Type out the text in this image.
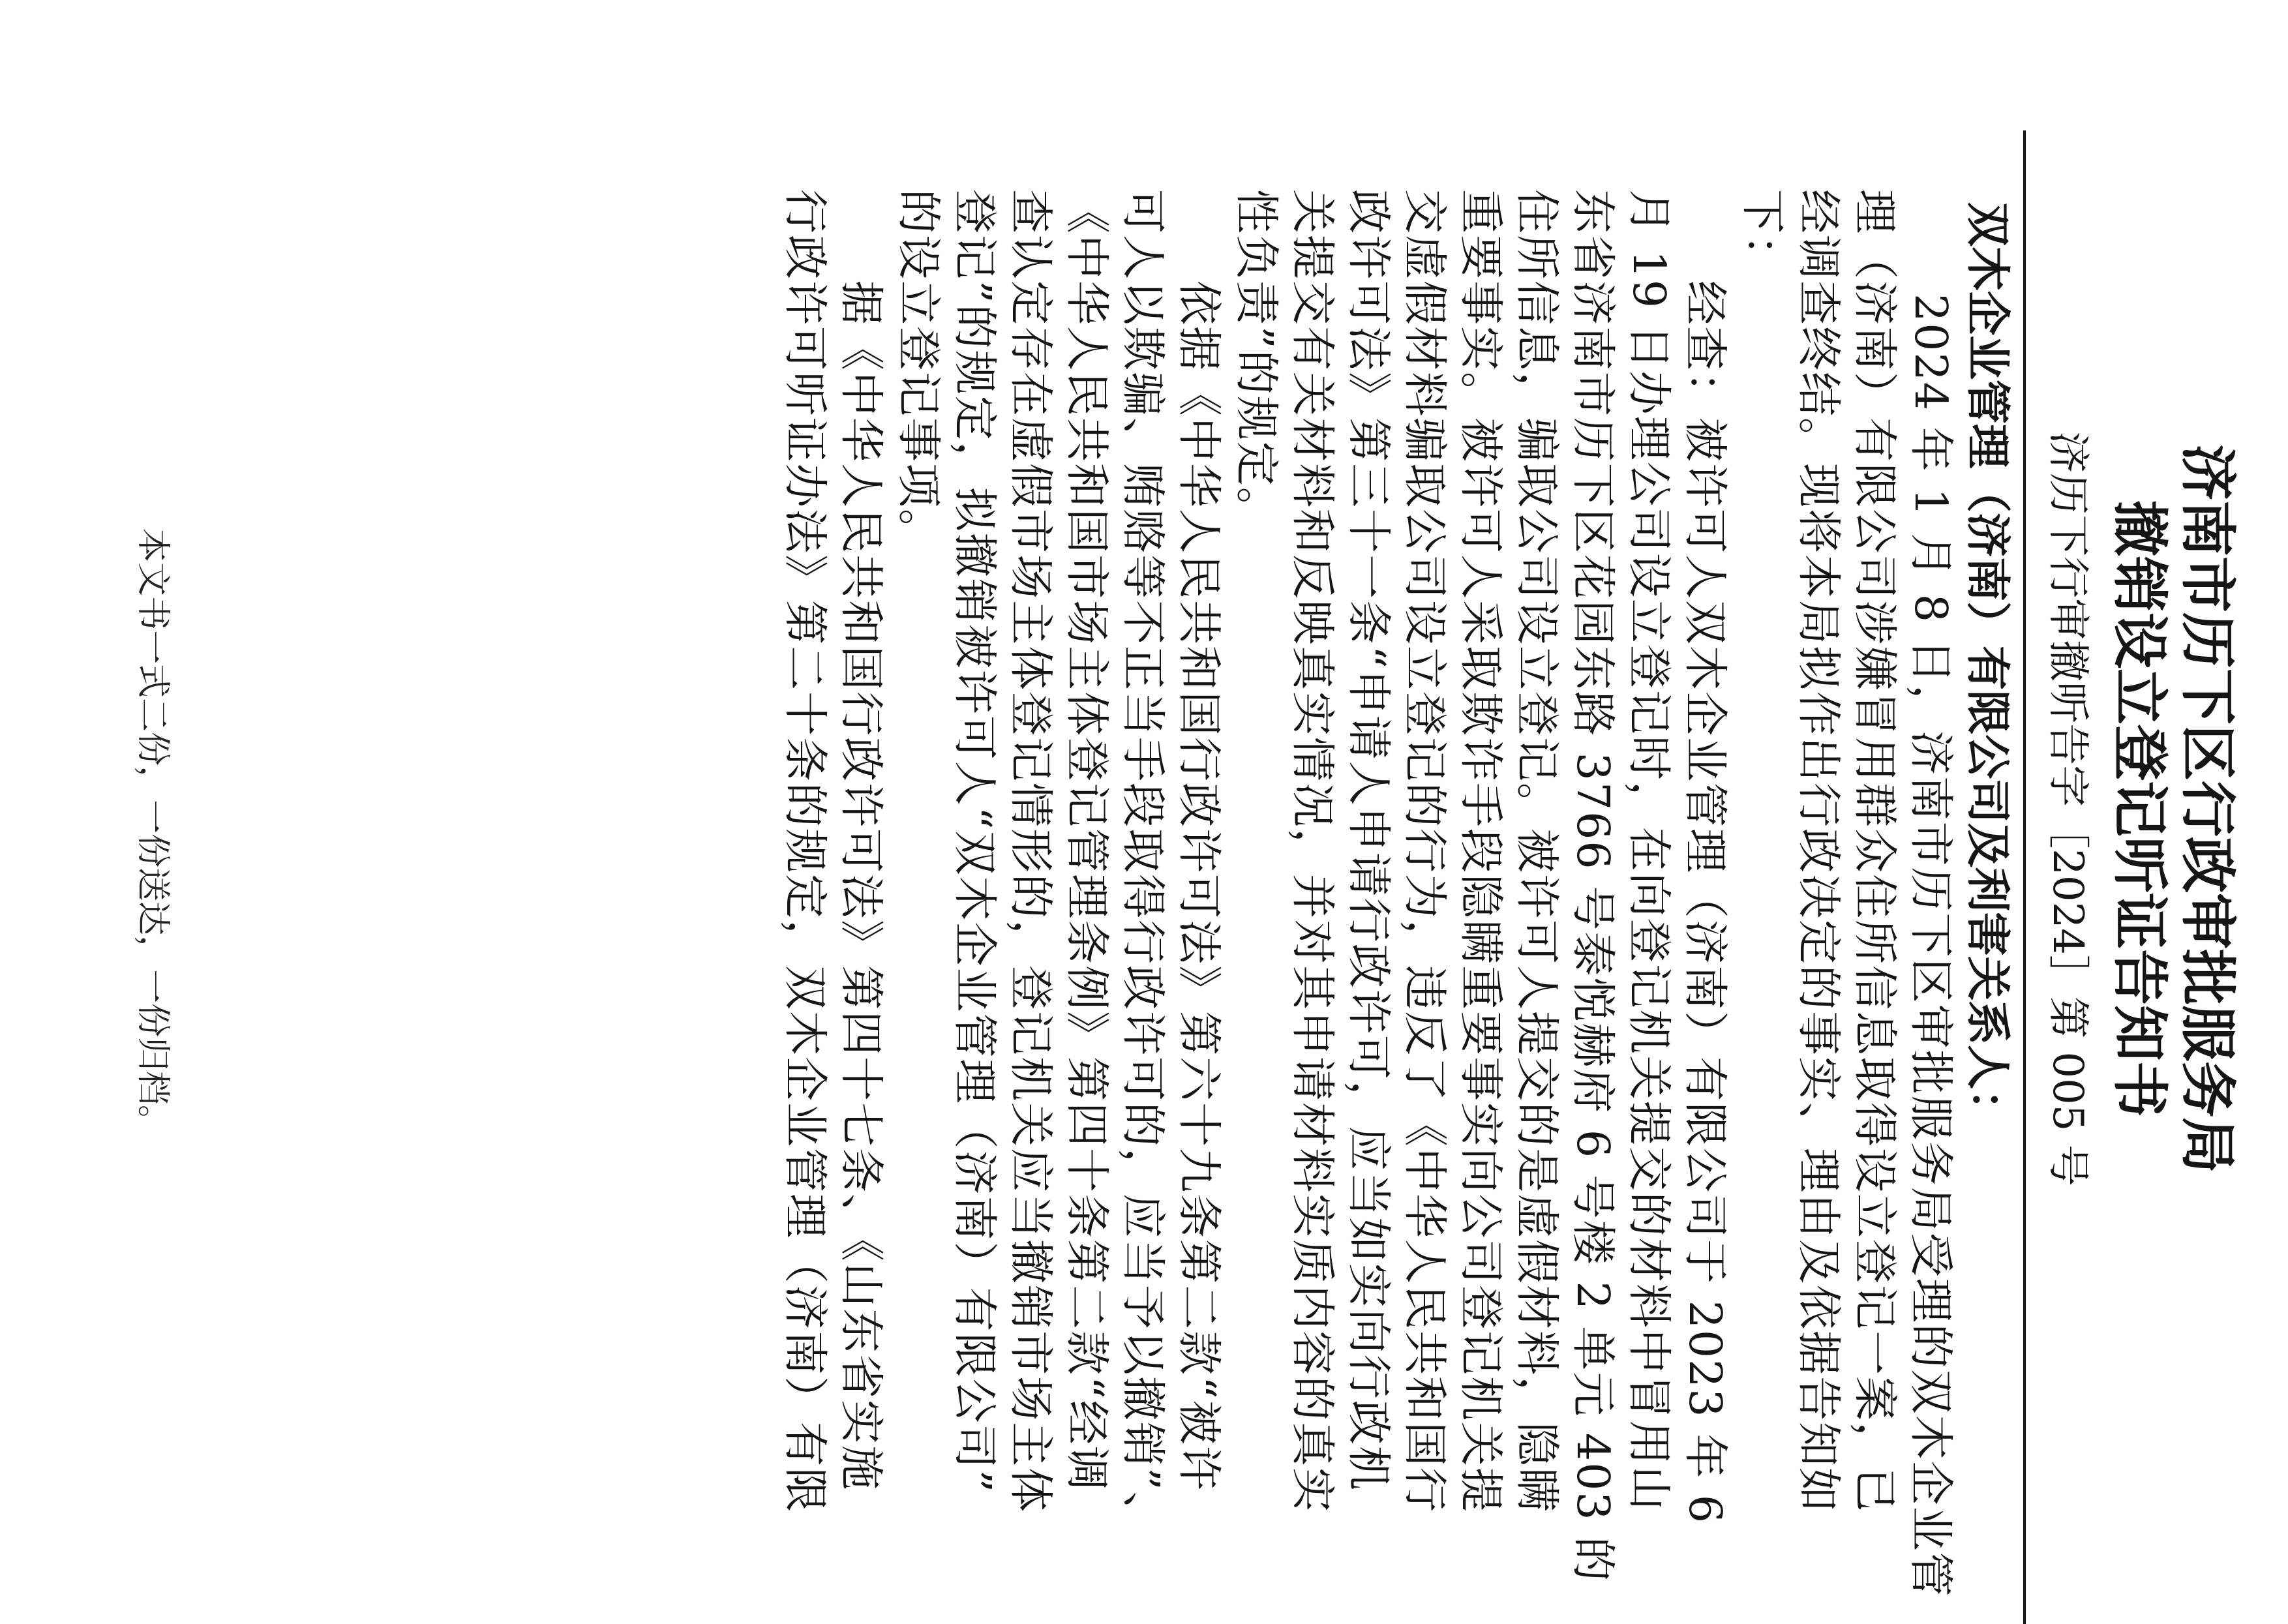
济南市历下区行政审批服务局
撤销设立登记听证告知书
济历下行审撤听告字［2024］第 005 号
双木企业管理（济南）有限公司及利害关系人：
　　2024 年 1 月 8 日，济南市历下区审批服务局受理的双木企业管
理（济南）有限公司涉嫌冒用群众住所信息取得设立登记一案，已
经调查终结。现将本局拟作出行政决定的事实、理由及依据告知如
下：
　　经查：被许可人双木企业管理（济南）有限公司于 2023 年 6
月 19 日办理公司设立登记时，在向登记机关提交的材料中冒用山
东省济南市历下区花园东路 3766 号泰悦赫府 6 号楼 2 单元 403 的
住所信息，骗取公司设立登记。被许可人提交的是虚假材料，隐瞒
重要事实。被许可人采取欺诈手段隐瞒重要事实向公司登记机关提
交虚假材料骗取公司设立登记的行为，违反了《中华人民共和国行
政许可法》第三十一条“申请人申请行政许可，应当如实向行政机
关提交有关材料和反映真实情况，并对其申请材料实质内容的真实
性负责”的规定。
　　依据《中华人民共和国行政许可法》第六十九条第二款“被许
可人以欺骗、贿赂等不正当手段取得行政许可的，应当予以撤销”、
《中华人民共和国市场主体登记管理条例》第四十条第二款“经调
查认定存在虚假市场主体登记情形的，登记机关应当撤销市场主体
登记”的规定，拟撤销被许可人“双木企业管理（济南）有限公司”
的设立登记事项。
　　据《中华人民共和国行政许可法》第四十七条、《山东省实施
行政许可听证办法》第二十条的规定，双木企业管理（济南）有限
本文书一式二份，一份送达，一份归档。
